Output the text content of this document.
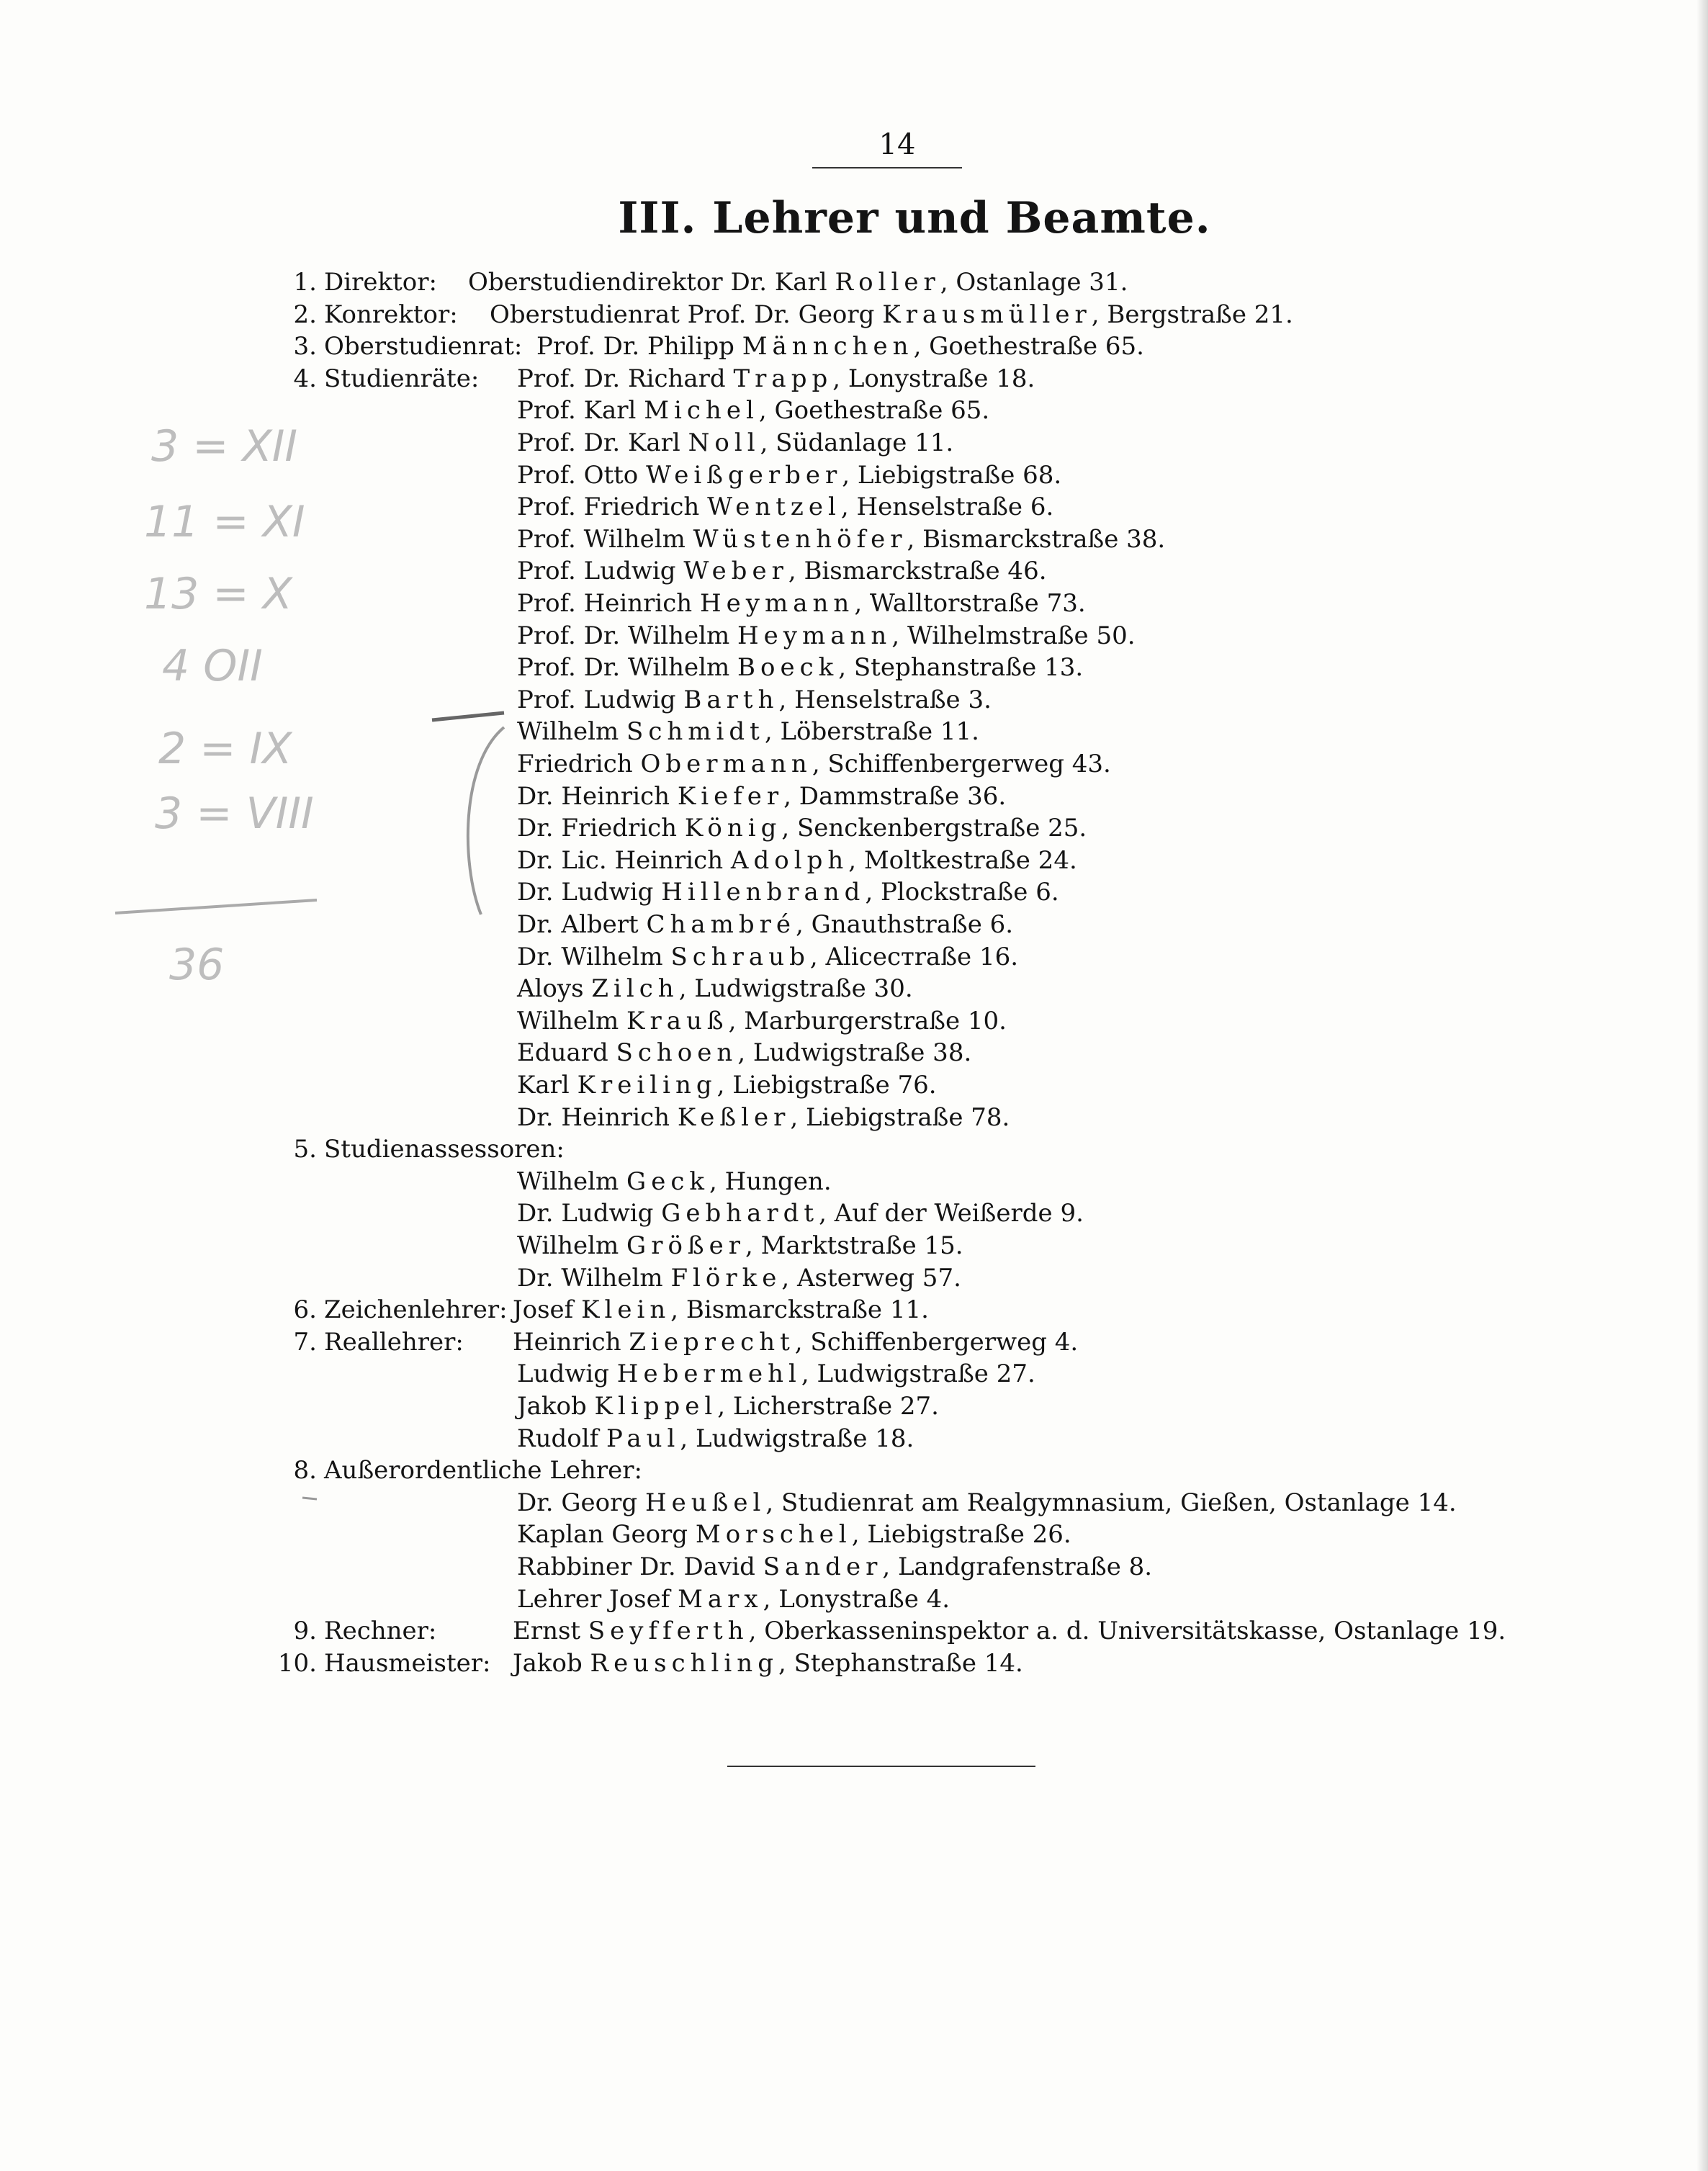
14
III. Lehrer und Beamte.
1. Direktor: Oberstudiendirektor Dr. Karl Roller, Ostanlage 31.
2. Konrektor: Oberstudienrat Prof. Dr. Georg Krausmüller, Bergstraße 21.
3. Oberstudienrat: Prof. Dr. Philipp Männchen, Goethestraße 65.
4. Studienräte: Prof. Dr. Richard Trapp, Lonystraße 18.
Prof. Karl Michel, Goethestraße 65.
Prof. Dr. Karl Noll, Südanlage 11.
Prof. Otto Weißgerber, Liebigstraße 68.
Prof. Friedrich Wentzel, Henselstraße 6.
Prof. Wilhelm Wüstenhöfer, Bismarckstraße 38.
Prof. Ludwig Weber, Bismarckstraße 46.
Prof. Heinrich Heymann, Walltorstraße 73.
Prof. Dr. Wilhelm Heymann, Wilhelmstraße 50.
Prof. Dr. Wilhelm Boeck, Stephanstraße 13.
Prof. Ludwig Barth, Henselstraße 3.
Wilhelm Schmidt, Löberstraße 11.
Friedrich Obermann, Schiffenbergerweg 43.
Dr. Heinrich Kiefer, Dammstraße 36.
Dr. Friedrich König, Senckenbergstraße 25.
Dr. Lic. Heinrich Adolph, Moltkestraße 24.
Dr. Ludwig Hillenbrand, Plockstraße 6.
Dr. Albert Chambré, Gnauthstraße 6.
Dr. Wilhelm Schraub, Aliceстraße 16.
Aloys Zilch, Ludwigstraße 30.
Wilhelm Krauß, Marburgerstraße 10.
Eduard Schoen, Ludwigstraße 38.
Karl Kreiling, Liebigstraße 76.
Dr. Heinrich Keßler, Liebigstraße 78.
5. Studienassessoren:
Wilhelm Geck, Hungen.
Dr. Ludwig Gebhardt, Auf der Weißerde 9.
Wilhelm Größer, Marktstraße 15.
Dr. Wilhelm Flörke, Asterweg 57.
6. Zeichenlehrer: Josef Klein, Bismarckstraße 11.
7. Reallehrer: Heinrich Zieprecht, Schiffenbergerweg 4.
Ludwig Hebermehl, Ludwigstraße 27.
Jakob Klippel, Licherstraße 27.
Rudolf Paul, Ludwigstraße 18.
8. Außerordentliche Lehrer:
Dr. Georg Heußel, Studienrat am Realgymnasium, Gießen, Ostanlage 14.
Kaplan Georg Morschel, Liebigstraße 26.
Rabbiner Dr. David Sander, Landgrafenstraße 8.
Lehrer Josef Marx, Lonystraße 4.
9. Rechner:	Ernst Seyfferth, Oberkasseninspektor a. d. Universitätskasse, Ostanlage 19.
10. Hausmeister: Jakob Reuschling, Stephanstraße 14.
3 = XII
11 = XI
13 = X
4 OII
2 = IX
3 = VIII
36
